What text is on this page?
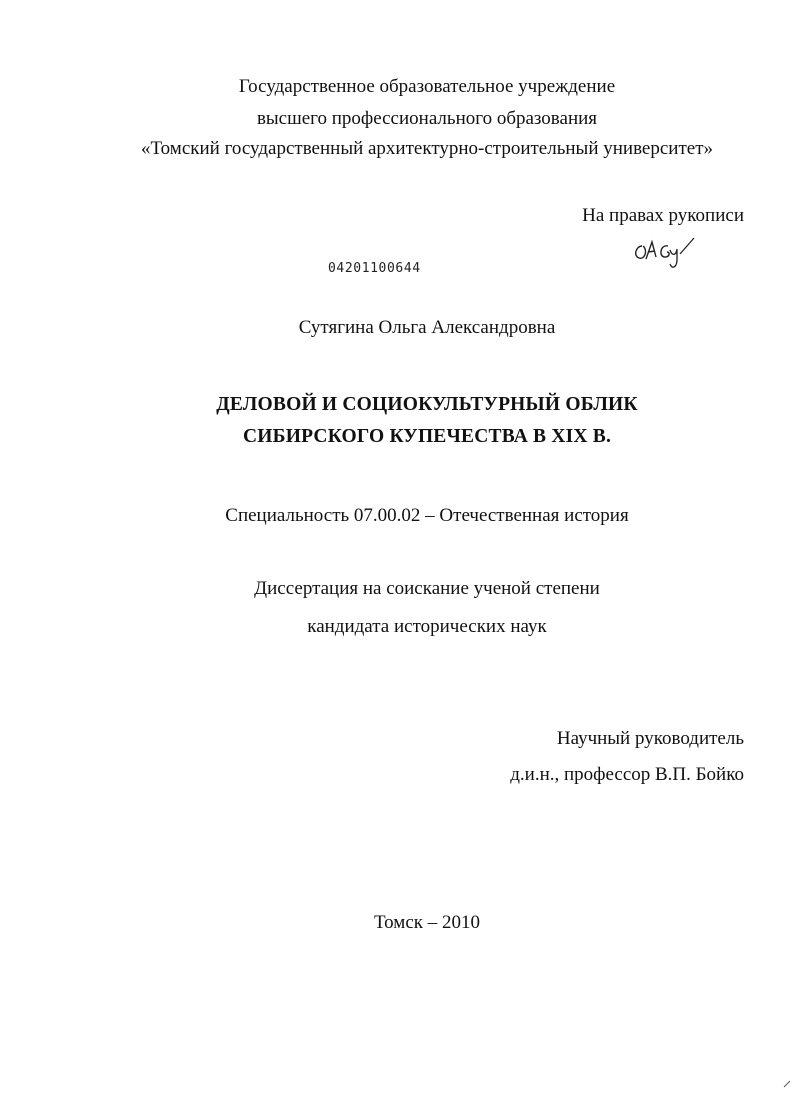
Государственное образовательное учреждение
высшего профессионального образования
«Томский государственный архитектурно-строительный университет»
На правах рукописи
04201100644
Сутягина Ольга Александровна
ДЕЛОВОЙ И СОЦИОКУЛЬТУРНЫЙ ОБЛИК
СИБИРСКОГО КУПЕЧЕСТВА В XIX В.
Специальность 07.00.02 – Отечественная история
Диссертация на соискание ученой степени
кандидата исторических наук
Научный руководитель
д.и.н., профессор В.П. Бойко
Томск – 2010
